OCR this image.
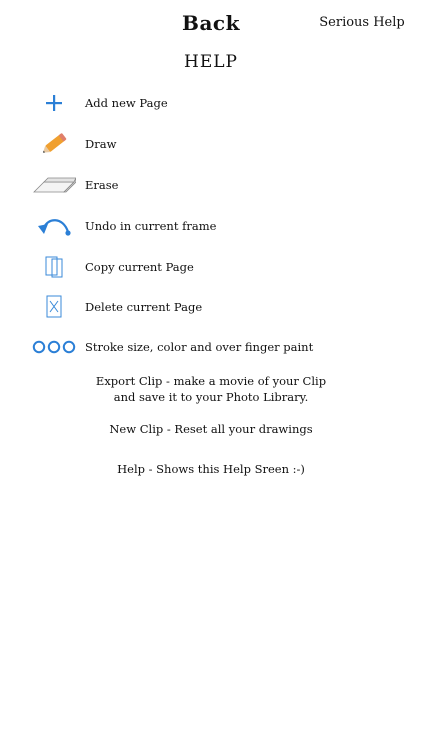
Back	Serious Help
HELP
Add new Page
Draw
Erase
Undo in current frame
Copy current Page
Delete current Page
Stroke size, color and over finger paint
Export Clip - make a movie of your Clip
and save it to your Photo Library.
New Clip - Reset all your drawings
Help - Shows this Help Sreen :-)
